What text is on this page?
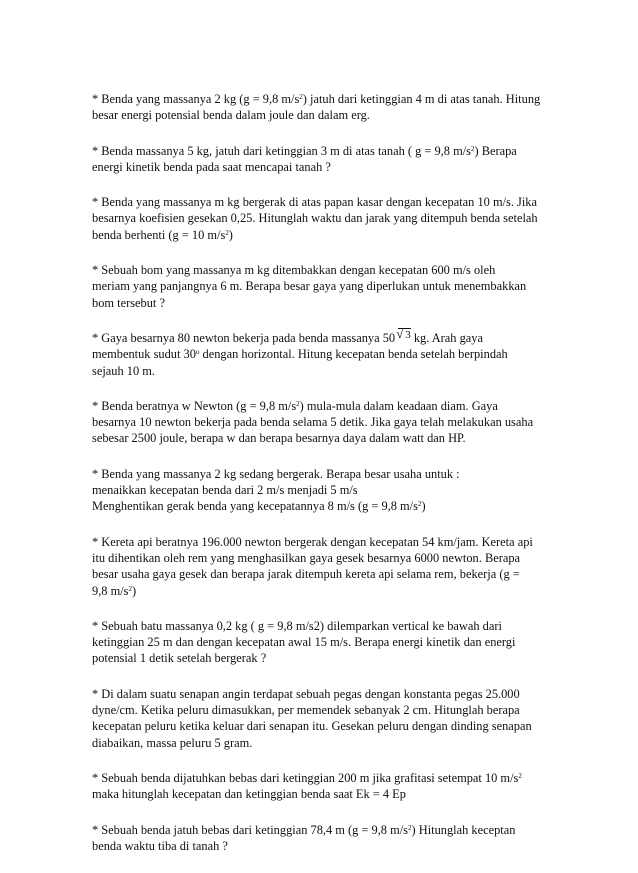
* Benda yang massanya 2 kg (g = 9,8 $m/s^2$) jatuh dari ketinggian 4 m di atas tanah. Hitung
besar energi potensial benda dalam joule dan dalam erg.
* Benda massanya 5 kg, jatuh dari ketinggian 3 m di atas tanah ( g = 9,8 $m/s^2$) Berapa
energi kinetik benda pada saat mencapai tanah ?
* Benda yang massanya m kg bergerak di atas papan kasar dengan kecepatan 10 m/s. Jika
besarnya koefisien gesekan 0,25. Hitunglah waktu dan jarak yang ditempuh benda setelah
benda berhenti (g = 10 $m/s^2$)
* Sebuah bom yang massanya m kg ditembakkan dengan kecepatan 600 m/s oleh
meriam yang panjangnya 6 m. Berapa besar gaya yang diperlukan untuk menembakkan
bom tersebut ?
* Gaya besarnya 80 newton bekerja pada benda massanya 50 √ 3 kg. Arah gaya
membentuk sudut 30$^o$ dengan horizontal. Hitung kecepatan benda setelah berpindah
sejauh 10 m.
* Benda beratnya w Newton (g = 9,8 $m/s^2$) mula-mula dalam keadaan diam. Gaya
besarnya 10 newton bekerja pada benda selama 5 detik. Jika gaya telah melakukan usaha
sebesar 2500 joule, berapa w dan berapa besarnya daya dalam watt dan HP.
* Benda yang massanya 2 kg sedang bergerak. Berapa besar usaha untuk :
menaikkan kecepatan benda dari 2 m/s menjadi 5 m/s
Menghentikan gerak benda yang kecepatannya 8 m/s (g = 9,8 $m/s^2$)
* Kereta api beratnya 196.000 newton bergerak dengan kecepatan 54 km/jam. Kereta api
itu dihentikan oleh rem yang menghasilkan gaya gesek besarnya 6000 newton. Berapa
besar usaha gaya gesek dan berapa jarak ditempuh kereta api selama rem, bekerja (g =
9,8 $m/s^2$)
* Sebuah batu massanya 0,2 kg ( g = 9,8 m/s2) dilemparkan vertical ke bawah dari
ketinggian 25 m dan dengan kecepatan awal 15 m/s. Berapa energi kinetik dan energi
potensial 1 detik setelah bergerak ?
* Di dalam suatu senapan angin terdapat sebuah pegas dengan konstanta pegas 25.000
dyne/cm. Ketika peluru dimasukkan, per memendek sebanyak 2 cm. Hitunglah berapa
kecepatan peluru ketika keluar dari senapan itu. Gesekan peluru dengan dinding senapan
diabaikan, massa peluru 5 gram.
* Sebuah benda dijatuhkan bebas dari ketinggian 200 m jika grafitasi setempat 10 $m/s^2$
maka hitunglah kecepatan dan ketinggian benda saat Ek = 4 Ep
* Sebuah benda jatuh bebas dari ketinggian 78,4 m (g = 9,8 $m/s^2$) Hitunglah keceptan
benda waktu tiba di tanah ?
